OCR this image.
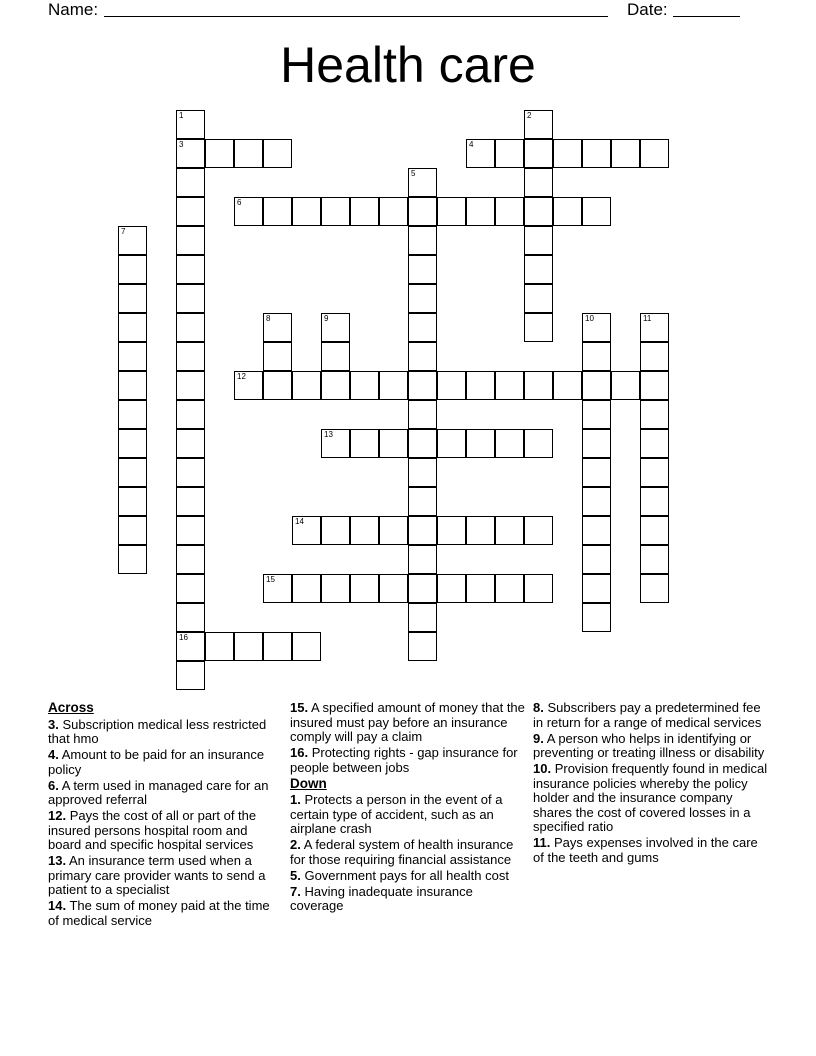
Name:	Date:
Health care
1
3
16
2
4
5
6
7
8	9	10	11
12
13
14
15
Across
3. Subscription medical less restricted that hmo
4. Amount to be paid for an insurance policy
6. A term used in managed care for an approved referral
12. Pays the cost of all or part of the insured persons hospital room and board and specific hospital services
13. An insurance term used when a primary care provider wants to send a patient to a specialist
14. The sum of money paid at the time of medical service
15. A specified amount of money that the insured must pay before an insurance comply will pay a claim
16. Protecting rights - gap insurance for people between jobs
Down
1. Protects a person in the event of a certain type of accident, such as an airplane crash
2. A federal system of health insurance for those requiring financial assistance
5. Government pays for all health cost
7. Having inadequate insurance coverage
8. Subscribers pay a predetermined fee in return for a range of medical services
9. A person who helps in identifying or preventing or treating illness or disability
10. Provision frequently found in medical insurance policies whereby the policy holder and the insurance company shares the cost of covered losses in a specified ratio
11. Pays expenses involved in the care of the teeth and gums
